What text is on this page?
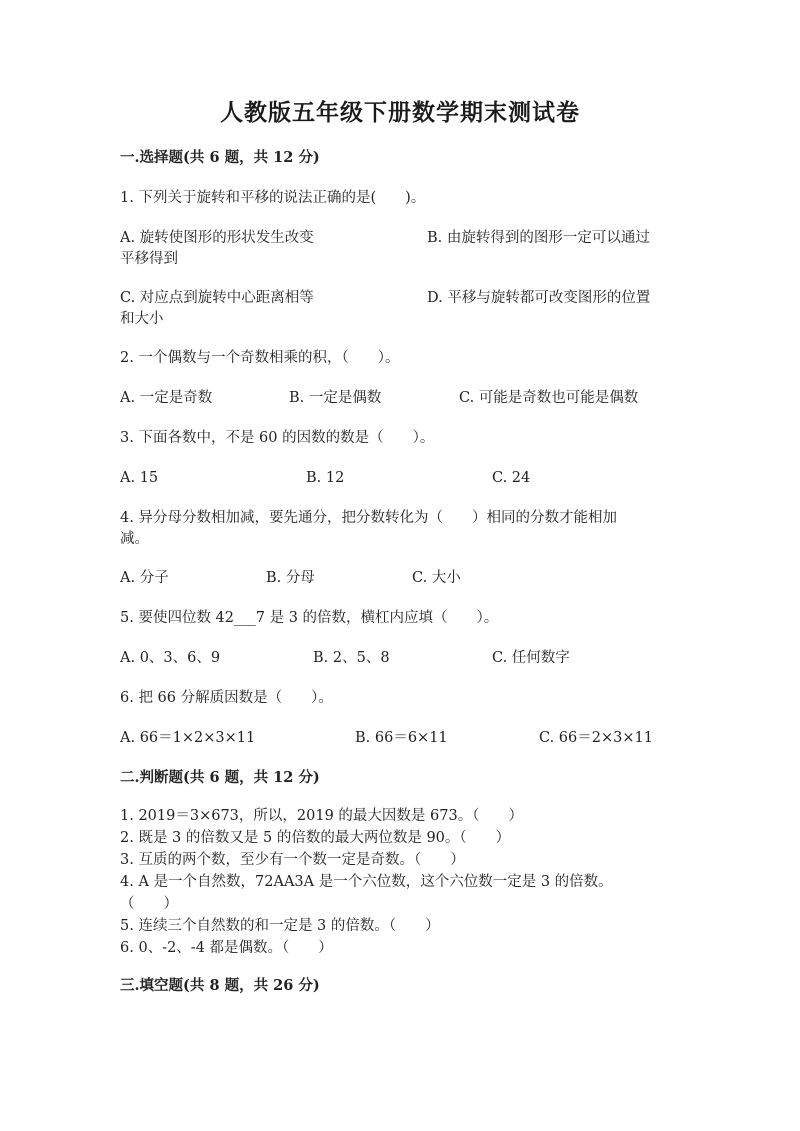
人教版五年级下册数学期末测试卷
一.选择题(共 6 题，共 12 分)
1. 下列关于旋转和平移的说法正确的是(　　)。
A. 旋转使图形的形状发生改变	B. 由旋转得到的图形一定可以通过
平移得到
C. 对应点到旋转中心距离相等	D. 平移与旋转都可改变图形的位置
和大小
2. 一个偶数与一个奇数相乘的积，（　　）。
A. 一定是奇数	B. 一定是偶数	C. 可能是奇数也可能是偶数
3. 下面各数中，不是 60 的因数的数是（　　）。
A. 15	B. 12	C. 24
4. 异分母分数相加减，要先通分，把分数转化为（　　）相同的分数才能相加
减。
A. 分子	B. 分母	C. 大小
5. 要使四位数 42___7 是 3 的倍数，横杠内应填（　　）。
A. 0、3、6、9	B. 2、5、8	C. 任何数字
6. 把 66 分解质因数是（　　）。
A. 66＝1×2×3×11	B. 66＝6×11	C. 66＝2×3×11
二.判断题(共 6 题，共 12 分)
1. 2019＝3×673，所以，2019 的最大因数是 673。（　　）
2. 既是 3 的倍数又是 5 的倍数的最大两位数是 90。（　　）
3. 互质的两个数，至少有一个数一定是奇数。（　　）
4. A 是一个自然数，72AA3A 是一个六位数，这个六位数一定是 3 的倍数。
（　　）
5. 连续三个自然数的和一定是 3 的倍数。（　　）
6. 0、-2、-4 都是偶数。（　　）
三.填空题(共 8 题，共 26 分)
